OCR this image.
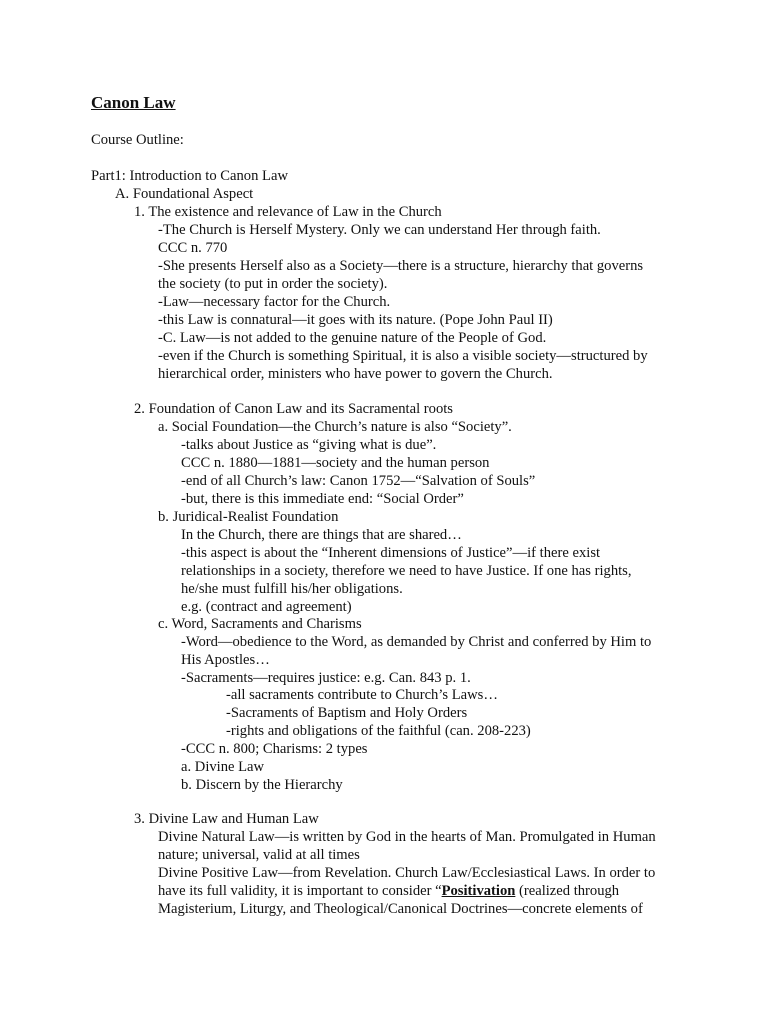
Canon Law
Course Outline:
Part1: Introduction to Canon Law
A. Foundational Aspect
1. The existence and relevance of Law in the Church
-The Church is Herself Mystery. Only we can understand Her through faith.
CCC n. 770
-She presents Herself also as a Society—there is a structure, hierarchy that governs
the society (to put in order the society).
-Law—necessary factor for the Church.
-this Law is connatural—it goes with its nature. (Pope John Paul II)
-C. Law—is not added to the genuine nature of the People of God.
-even if the Church is something Spiritual, it is also a visible society—structured by
hierarchical order, ministers who have power to govern the Church.
2. Foundation of Canon Law and its Sacramental roots
a. Social Foundation—the Church’s nature is also “Society”.
-talks about Justice as “giving what is due”.
CCC n. 1880—1881—society and the human person
-end of all Church’s law: Canon 1752—“Salvation of Souls”
-but, there is this immediate end: “Social Order”
b. Juridical-Realist Foundation
In the Church, there are things that are shared…
-this aspect is about the “Inherent dimensions of Justice”—if there exist
relationships in a society, therefore we need to have Justice. If one has rights,
he/she must fulfill his/her obligations.
e.g. (contract and agreement)
c. Word, Sacraments and Charisms
-Word—obedience to the Word, as demanded by Christ and conferred by Him to
His Apostles…
-Sacraments—requires justice: e.g. Can. 843 p. 1.
-all sacraments contribute to Church’s Laws…
-Sacraments of Baptism and Holy Orders
-rights and obligations of the faithful (can. 208-223)
-CCC n. 800; Charisms: 2 types
a. Divine Law
b. Discern by the Hierarchy
3. Divine Law and Human Law
Divine Natural Law—is written by God in the hearts of Man. Promulgated in Human
nature; universal, valid at all times
Divine Positive Law—from Revelation. Church Law/Ecclesiastical Laws. In order to
have its full validity, it is important to consider “Positivation (realized through
Magisterium, Liturgy, and Theological/Canonical Doctrines—concrete elements of
